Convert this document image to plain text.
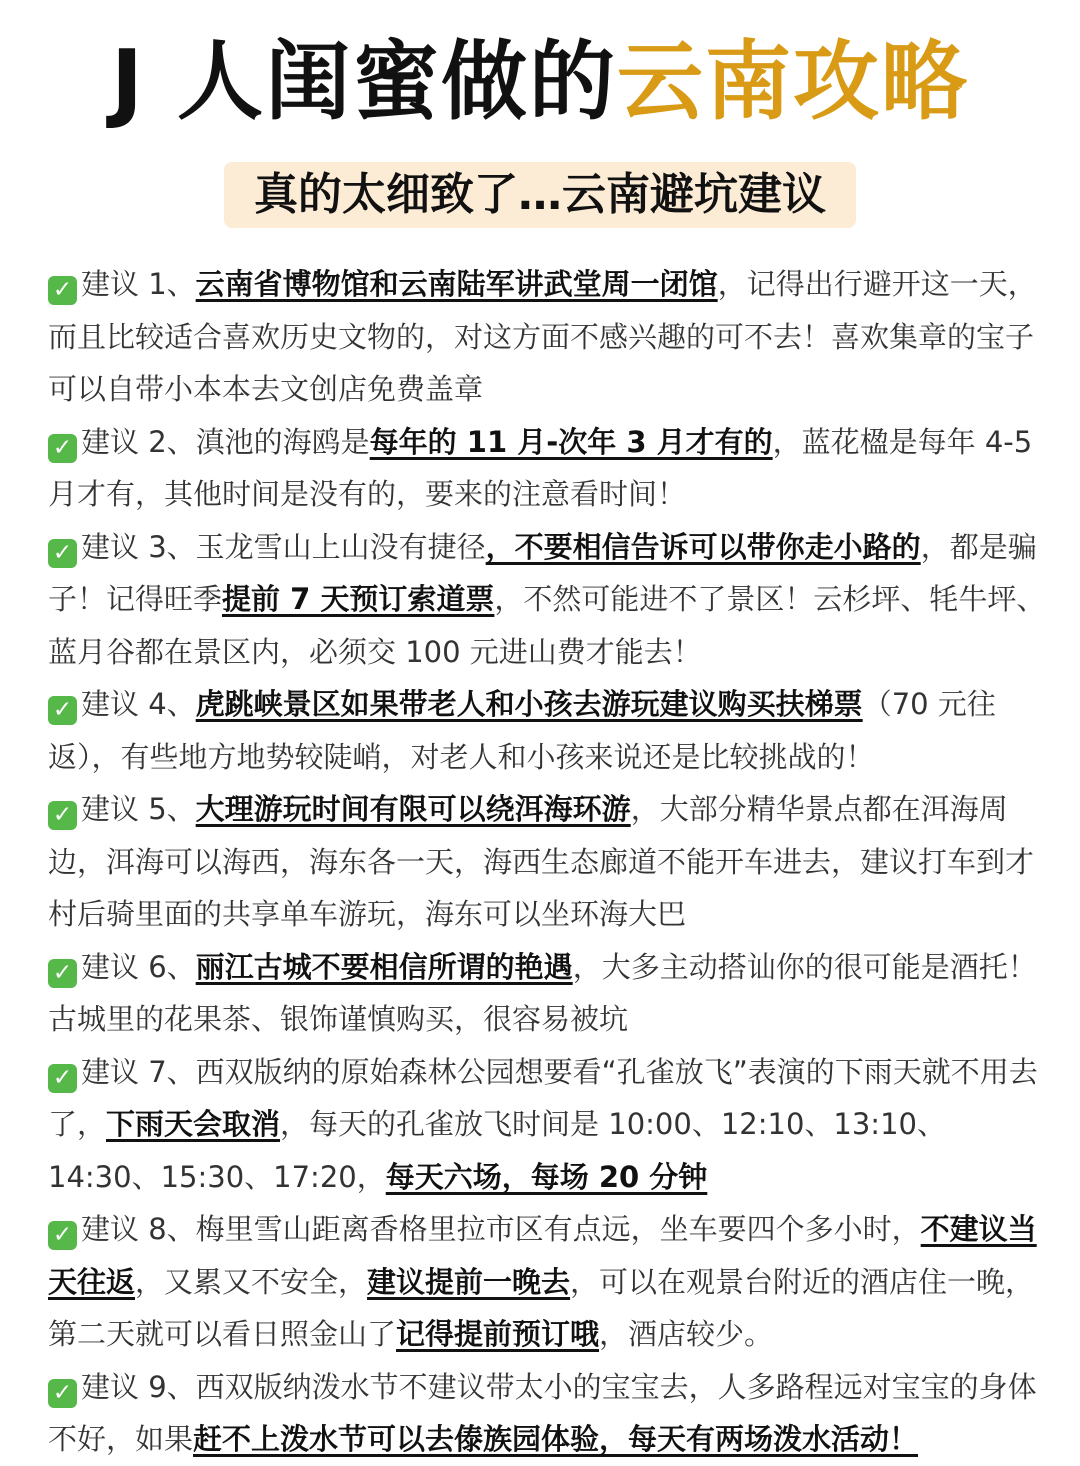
J 人闺蜜做的云南攻略
真的太细致了…云南避坑建议

✓ 建议 1、云南省博物馆和云南陆军讲武堂周一闭馆，记得出行避开这一天，而且比较适合喜欢历史文物的，对这方面不感兴趣的可不去！喜欢集章的宝子可以自带小本本去文创店免费盖章

✓ 建议 2、滇池的海鸥是每年的 11 月-次年 3 月才有的，蓝花楹是每年 4-5 月才有，其他时间是没有的，要来的注意看时间！

✓ 建议 3、玉龙雪山上山没有捷径，不要相信告诉可以带你走小路的，都是骗子！记得旺季提前 7 天预订索道票，不然可能进不了景区！云杉坪、牦牛坪、蓝月谷都在景区内，必须交 100 元进山费才能去！

✓ 建议 4、虎跳峡景区如果带老人和小孩去游玩建议购买扶梯票（70 元往返），有些地方地势较陡峭，对老人和小孩来说还是比较挑战的！

✓ 建议 5、大理游玩时间有限可以绕洱海环游，大部分精华景点都在洱海周边，洱海可以海西，海东各一天，海西生态廊道不能开车进去，建议打车到才村后骑里面的共享单车游玩，海东可以坐环海大巴

✓ 建议 6、丽江古城不要相信所谓的艳遇，大多主动搭讪你的很可能是酒托！古城里的花果茶、银饰谨慎购买，很容易被坑

✓ 建议 7、西双版纳的原始森林公园想要看“孔雀放飞”表演的下雨天就不用去了，下雨天会取消，每天的孔雀放飞时间是 10:00、12:10、13:10、14:30、15:30、17:20，每天六场，每场 20 分钟

✓ 建议 8、梅里雪山距离香格里拉市区有点远，坐车要四个多小时，不建议当天往返，又累又不安全，建议提前一晚去，可以在观景台附近的酒店住一晚，第二天就可以看日照金山了记得提前预订哦，酒店较少。

✓ 建议 9、西双版纳泼水节不建议带太小的宝宝去，人多路程远对宝宝的身体不好，如果赶不上泼水节可以去傣族园体验，每天有两场泼水活动！
